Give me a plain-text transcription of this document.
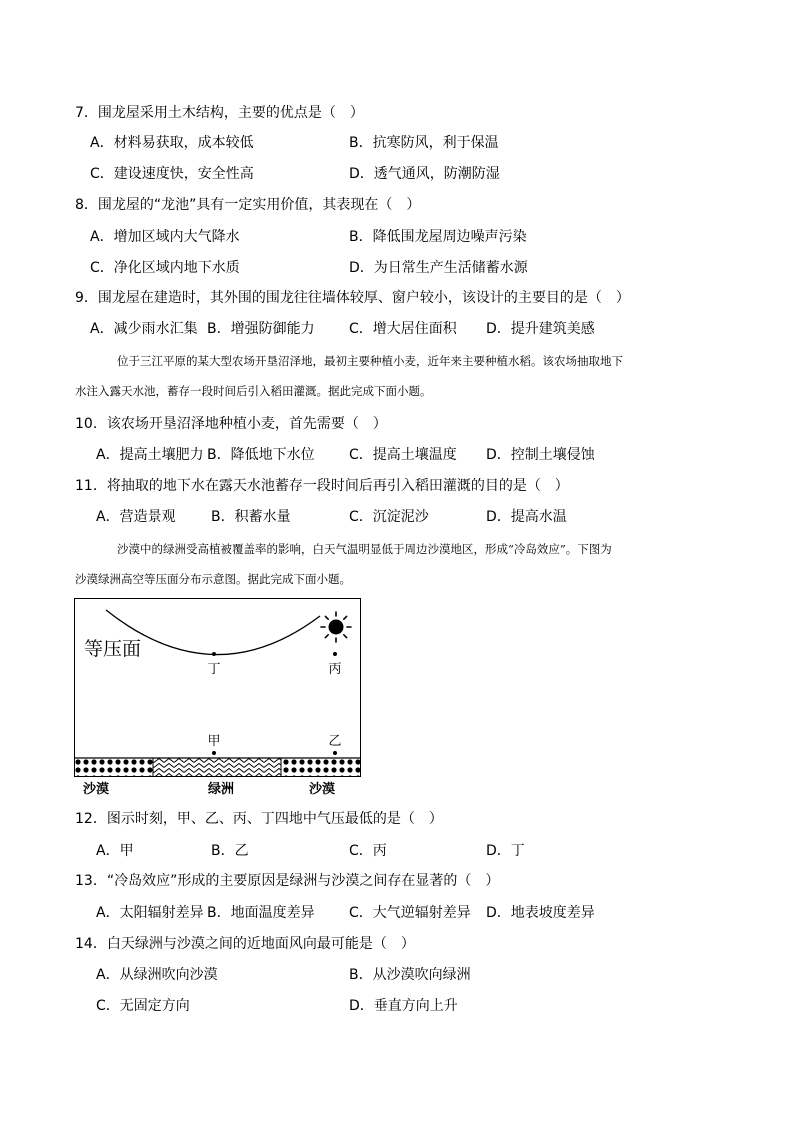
7．围龙屋采用土木结构，主要的优点是（　）
A．材料易获取，成本较低	B．抗寒防风，利于保温
C．建设速度快，安全性高	D．透气通风，防潮防湿
8．围龙屋的“龙池”具有一定实用价值，其表现在（　）
A．增加区域内大气降水	B．降低围龙屋周边噪声污染
C．净化区域内地下水质	D．为日常生产生活储蓄水源
9．围龙屋在建造时，其外围的围龙往往墙体较厚、窗户较小，该设计的主要目的是（　）
A．减少雨水汇集 B．增强防御能力 C．增大居住面积 D．提升建筑美感
位于三江平原的某大型农场开垦沼泽地，最初主要种植小麦，近年来主要种植水稻。该农场抽取地下
水注入露天水池，蓄存一段时间后引入稻田灌溉。据此完成下面小题。
10．该农场开垦沼泽地种植小麦，首先需要（　）
A．提高土壤肥力 B．降低地下水位 C．提高土壤温度 D．控制土壤侵蚀
11．将抽取的地下水在露天水池蓄存一段时间后再引入稻田灌溉的目的是（　）
A．营造景观	B．积蓄水量	C．沉淀泥沙	D．提高水温
沙漠中的绿洲受高植被覆盖率的影响，白天气温明显低于周边沙漠地区，形成“冷岛效应”。下图为
沙漠绿洲高空等压面分布示意图。据此完成下面小题。
等压面
丁	丙
甲	乙
沙漠	绿洲	沙漠
12．图示时刻，甲、乙、丙、丁四地中气压最低的是（　）
A．甲	B．乙	C．丙	D．丁
13．“冷岛效应”形成的主要原因是绿洲与沙漠之间存在显著的（　）
A．太阳辐射差异 B．地面温度差异 C．大气逆辐射差异 D．地表坡度差异
14．白天绿洲与沙漠之间的近地面风向最可能是（　）
A．从绿洲吹向沙漠	B．从沙漠吹向绿洲
C．无固定方向	D．垂直方向上升
